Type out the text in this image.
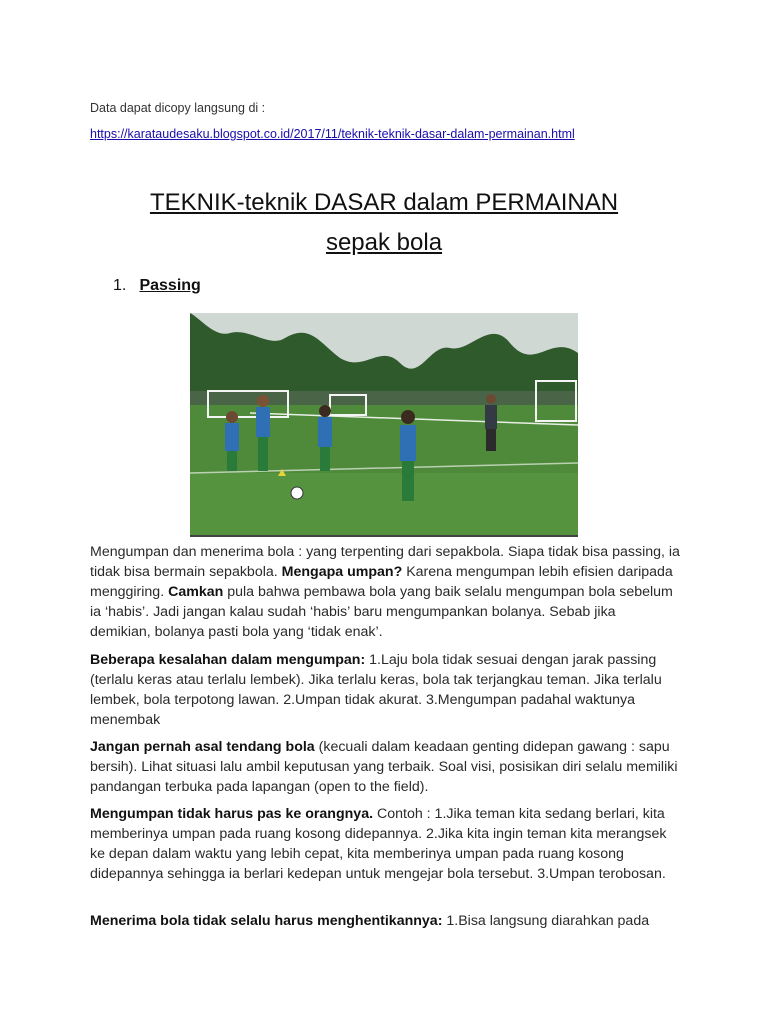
Data dapat dicopy langsung di :
https://karataudesaku.blogspot.co.id/2017/11/teknik-teknik-dasar-dalam-permainan.html
TEKNIK-teknik DASAR dalam PERMAINAN
sepak bola
1. Passing

Mengumpan dan menerima bola : yang terpenting dari sepakbola. Siapa tidak bisa passing, ia tidak bisa bermain sepakbola. Mengapa umpan? Karena mengumpan lebih efisien daripada menggiring. Camkan pula bahwa pembawa bola yang baik selalu mengumpan bola sebelum ia ‘habis’. Jadi jangan kalau sudah ‘habis’ baru mengumpankan bolanya. Sebab jika demikian, bolanya pasti bola yang ‘tidak enak’.

Beberapa kesalahan dalam mengumpan: 1.Laju bola tidak sesuai dengan jarak passing (terlalu keras atau terlalu lembek). Jika terlalu keras, bola tak terjangkau teman. Jika terlalu lembek, bola terpotong lawan. 2.Umpan tidak akurat. 3.Mengumpan padahal waktunya menembak

Jangan pernah asal tendang bola (kecuali dalam keadaan genting didepan gawang : sapu bersih). Lihat situasi lalu ambil keputusan yang terbaik. Soal visi, posisikan diri selalu memiliki pandangan terbuka pada lapangan (open to the field).

Mengumpan tidak harus pas ke orangnya. Contoh : 1.Jika teman kita sedang berlari, kita memberinya umpan pada ruang kosong didepannya. 2.Jika kita ingin teman kita merangsek ke depan dalam waktu yang lebih cepat, kita memberinya umpan pada ruang kosong didepannya sehingga ia berlari kedepan untuk mengejar bola tersebut. 3.Umpan terobosan.

Menerima bola tidak selalu harus menghentikannya: 1.Bisa langsung diarahkan pada
